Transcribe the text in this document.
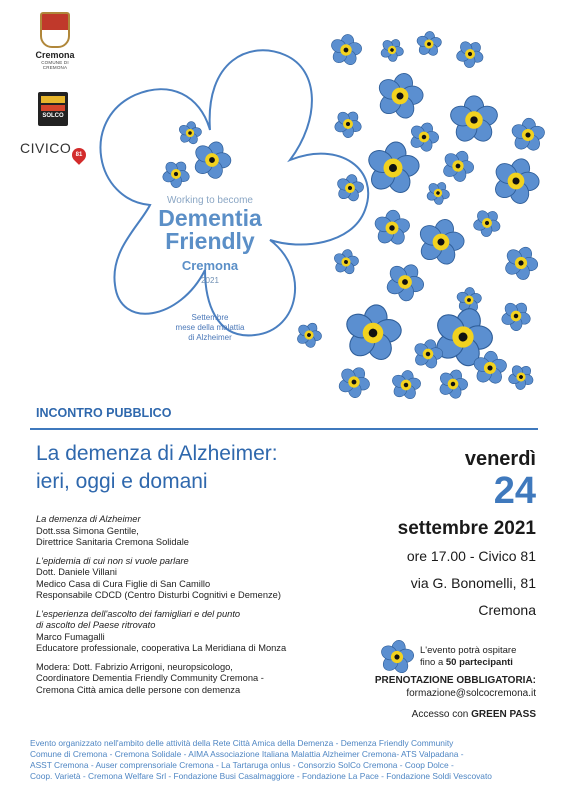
Cremona
COMUNE DI CREMONA
SOLCO
CIVICO 81
Working to become
Dementia
Friendly
Cremona
2021
Settembre
mese della malattia
di Alzheimer
INCONTRO PUBBLICO
La demenza di Alzheimer:
ieri, oggi e domani
La demenza di Alzheimer
Dott.ssa Simona Gentile,
Direttrice Sanitaria Cremona Solidale
L'epidemia di cui non si vuole parlare
Dott. Daniele Villani
Medico Casa di Cura Figlie di San Camillo
Responsabile CDCD (Centro Disturbi Cognitivi e Demenze)
L'esperienza dell'ascolto dei famigliari e del punto
di ascolto del Paese ritrovato
Marco Fumagalli
Educatore professionale, cooperativa La Meridiana di Monza
Modera: Dott. Fabrizio Arrigoni, neuropsicologo,
Coordinatore Dementia Friendly Community Cremona -
Cremona Città amica delle persone con demenza
venerdì
24
settembre 2021
ore 17.00 - Civico 81
via G. Bonomelli, 81
Cremona
L'evento potrà ospitare
fino a 50 partecipanti
PRENOTAZIONE OBBLIGATORIA:
formazione@solcocremona.it
Accesso con GREEN PASS
Evento organizzato nell'ambito delle attività della Rete Città Amica della Demenza - Demenza Friendly Community
Comune di Cremona - Cremona Solidale - AIMA Associazione Italiana Malattia Alzheimer Cremona- ATS Valpadana -
ASST Cremona - Auser comprensoriale Cremona - La Tartaruga onlus - Consorzio SolCo Cremona - Coop Dolce -
Coop. Varietà - Cremona Welfare Srl - Fondazione Busi Casalmaggiore - Fondazione La Pace - Fondazione Soldi Vescovato
